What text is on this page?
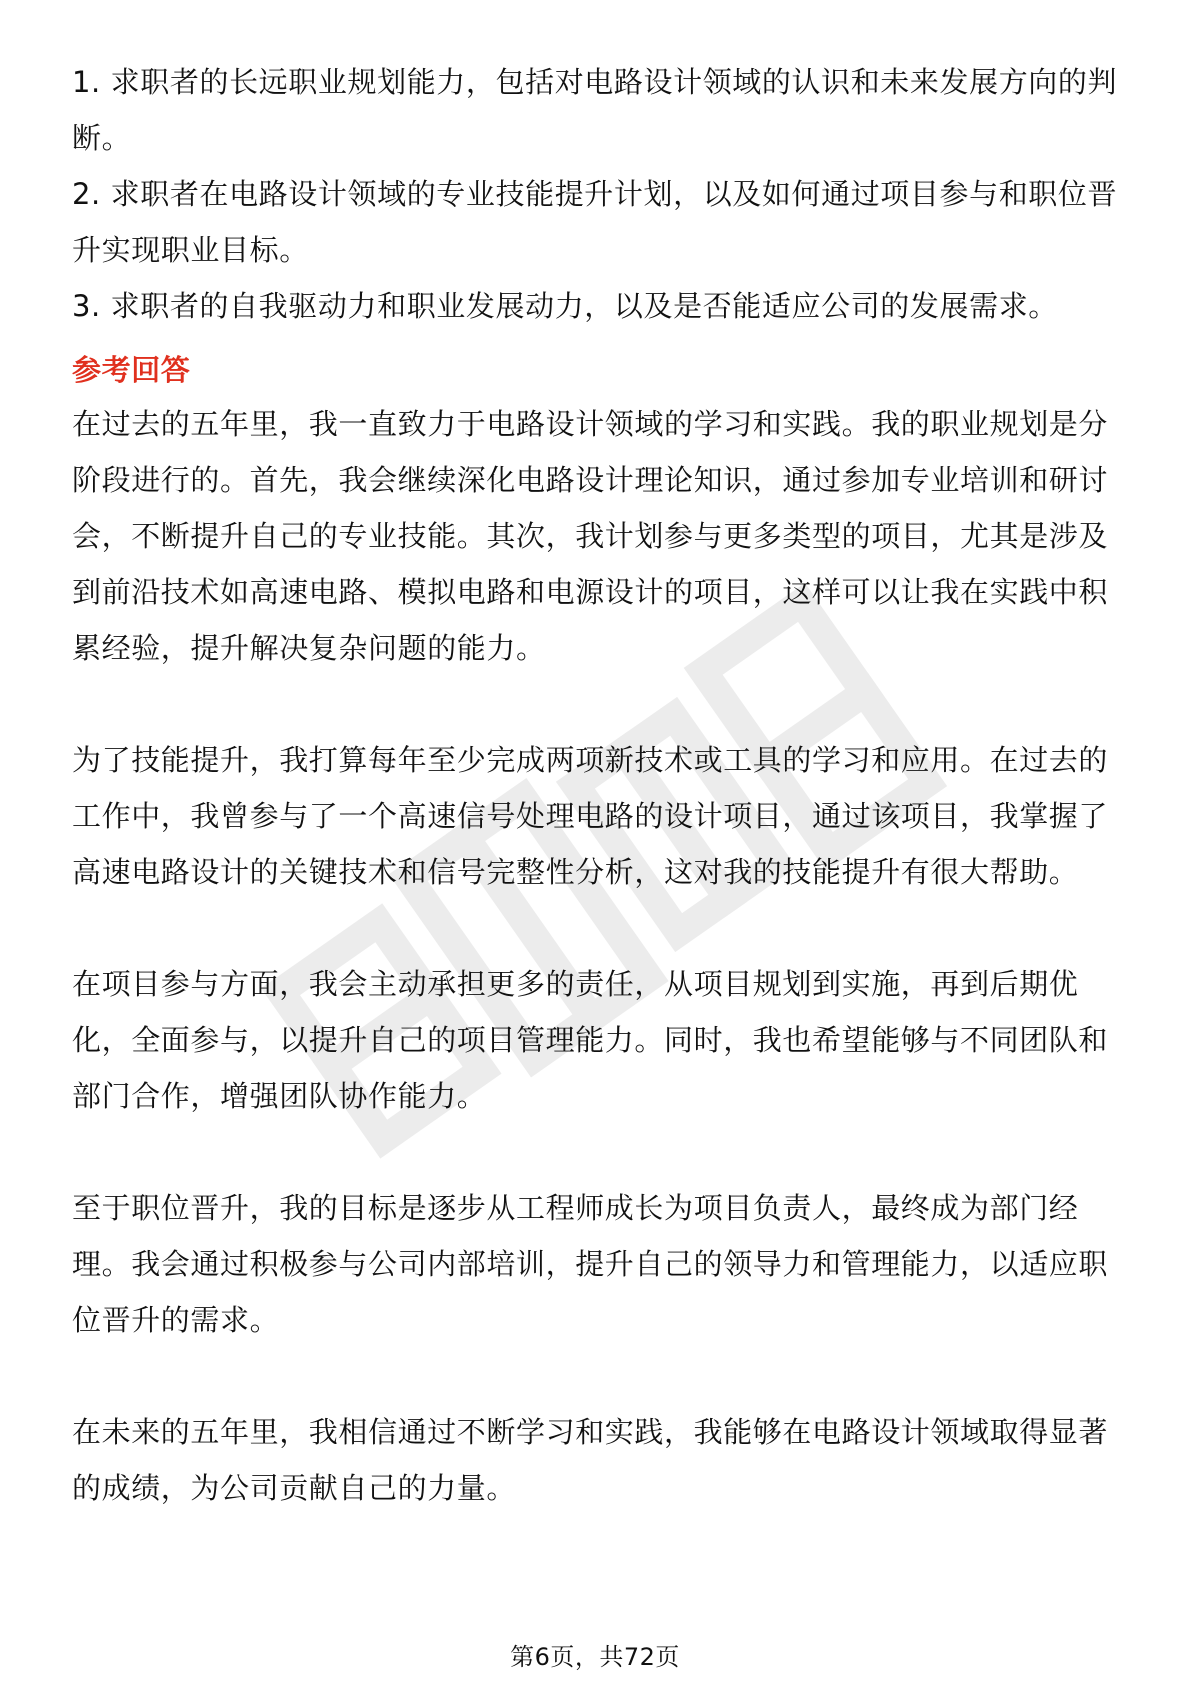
1. 求职者的长远职业规划能力，包括对电路设计领域的认识和未来发展方向的判断。

2. 求职者在电路设计领域的专业技能提升计划，以及如何通过项目参与和职位晋升实现职业目标。

3. 求职者的自我驱动力和职业发展动力，以及是否能适应公司的发展需求。

参考回答

在过去的五年里，我一直致力于电路设计领域的学习和实践。我的职业规划是分阶段进行的。首先，我会继续深化电路设计理论知识，通过参加专业培训和研讨会，不断提升自己的专业技能。其次，我计划参与更多类型的项目，尤其是涉及到前沿技术如高速电路、模拟电路和电源设计的项目，这样可以让我在实践中积累经验，提升解决复杂问题的能力。

为了技能提升，我打算每年至少完成两项新技术或工具的学习和应用。在过去的工作中，我曾参与了一个高速信号处理电路的设计项目，通过该项目，我掌握了高速电路设计的关键技术和信号完整性分析，这对我的技能提升有很大帮助。

在项目参与方面，我会主动承担更多的责任，从项目规划到实施，再到后期优化，全面参与，以提升自己的项目管理能力。同时，我也希望能够与不同团队和部门合作，增强团队协作能力。

至于职位晋升，我的目标是逐步从工程师成长为项目负责人，最终成为部门经理。我会通过积极参与公司内部培训，提升自己的领导力和管理能力，以适应职位晋升的需求。

在未来的五年里，我相信通过不断学习和实践，我能够在电路设计领域取得显著的成绩，为公司贡献自己的力量。

第6页，共72页
